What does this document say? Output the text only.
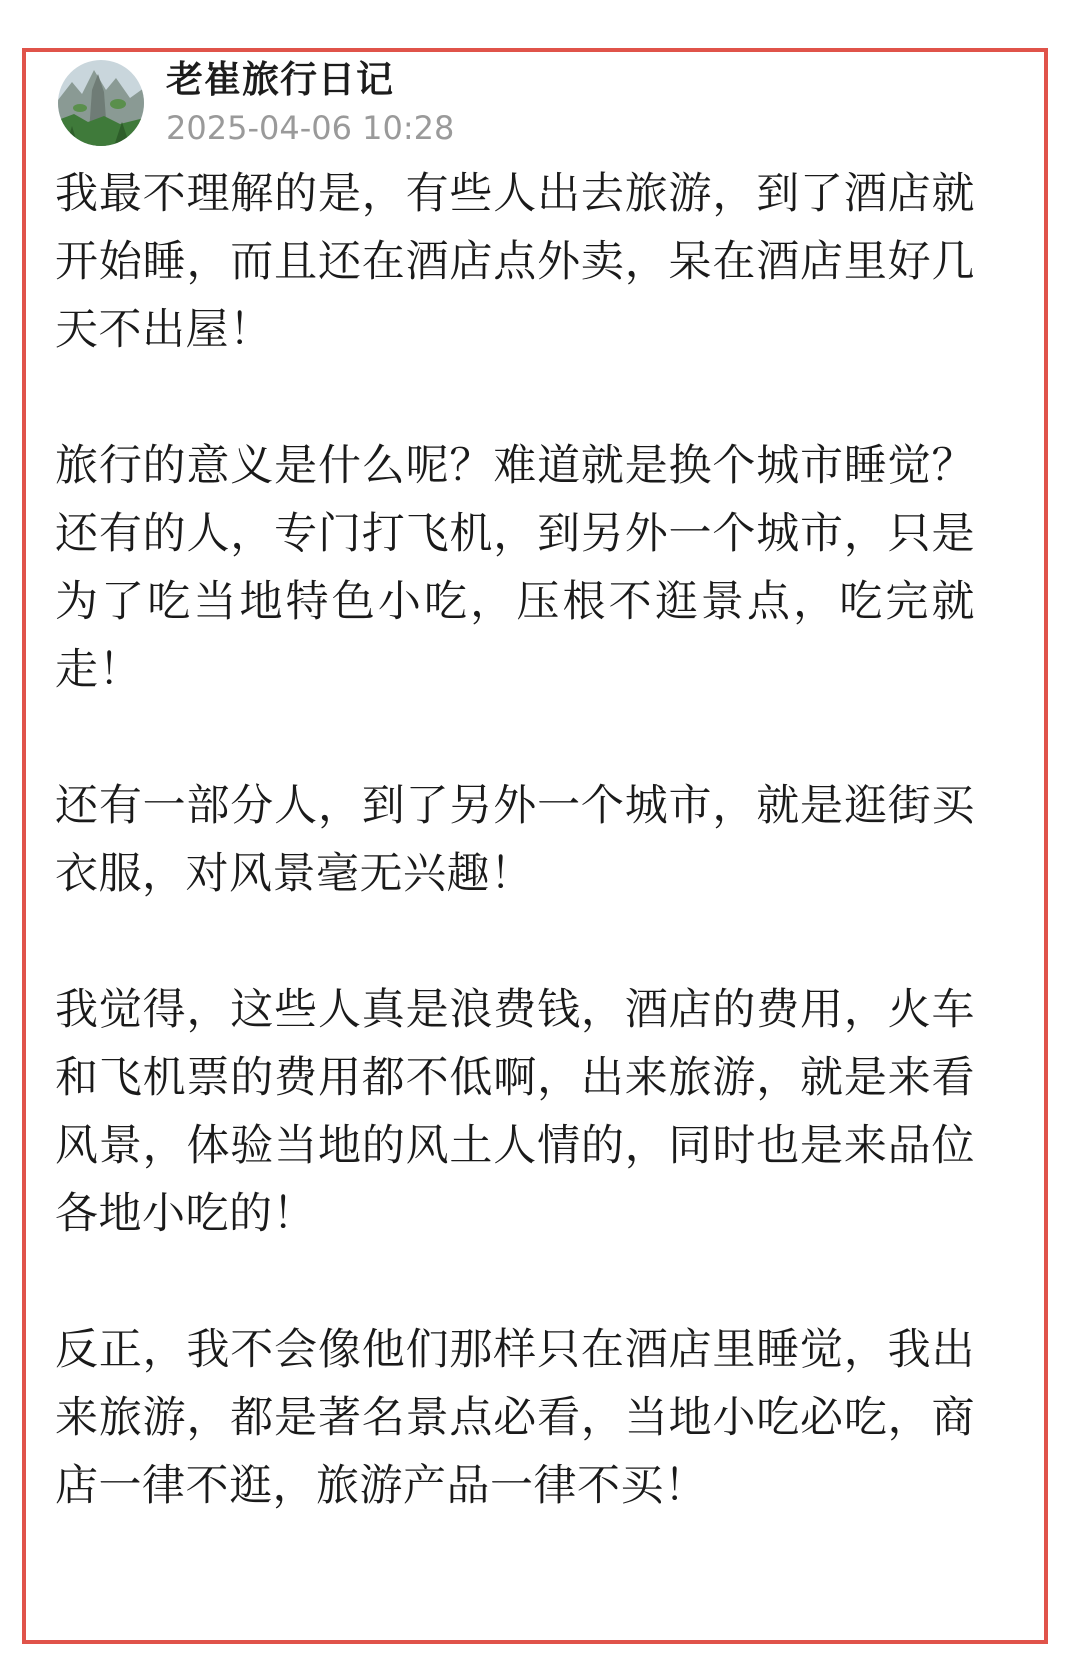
老崔旅行日记
2025-04-06 10:28

我最不理解的是，有些人出去旅游，到了酒店就开始睡，而且还在酒店点外卖，呆在酒店里好几天不出屋！

旅行的意义是什么呢？难道就是换个城市睡觉？还有的人，专门打飞机，到另外一个城市，只是为了吃当地特色小吃，压根不逛景点，吃完就走！

还有一部分人，到了另外一个城市，就是逛街买衣服，对风景毫无兴趣！

我觉得，这些人真是浪费钱，酒店的费用，火车和飞机票的费用都不低啊，出来旅游，就是来看风景，体验当地的风土人情的，同时也是来品位各地小吃的！

反正，我不会像他们那样只在酒店里睡觉，我出来旅游，都是著名景点必看，当地小吃必吃，商店一律不逛，旅游产品一律不买！
